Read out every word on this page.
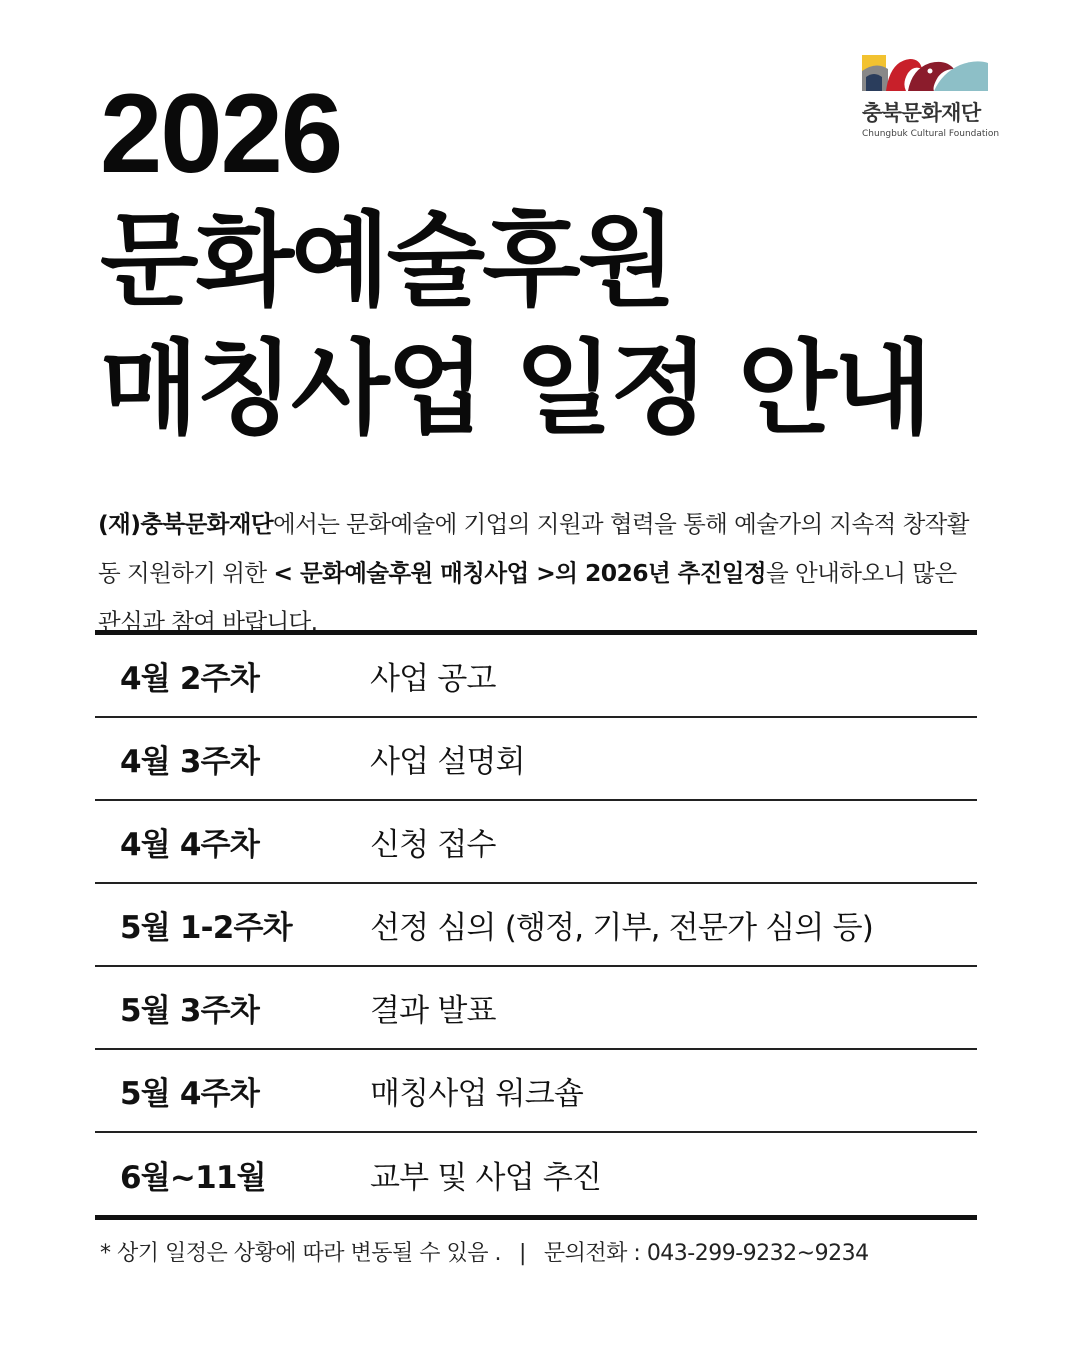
충북문화재단
Chungbuk Cultural Foundation
2026
문화예술후원
매칭사업 일정 안내

(재)충북문화재단에서는 문화예술에 기업의 지원과 협력을 통해 예술가의 지속적 창작활동 지원하기 위한 < 문화예술후원 매칭사업 >의 2026년 추진일정을 안내하오니 많은 관심과 참여 바랍니다.

4월 2주차	사업 공고
4월 3주차	사업 설명회
4월 4주차	신청 접수
5월 1-2주차	선정 심의 (행정, 기부, 전문가 심의 등)
5월 3주차	결과 발표
5월 4주차	매칭사업 워크숍
6월~11월	교부 및 사업 추진
* 상기 일정은 상황에 따라 변동될 수 있음 . | 문의전화 : 043-299-9232~9234
